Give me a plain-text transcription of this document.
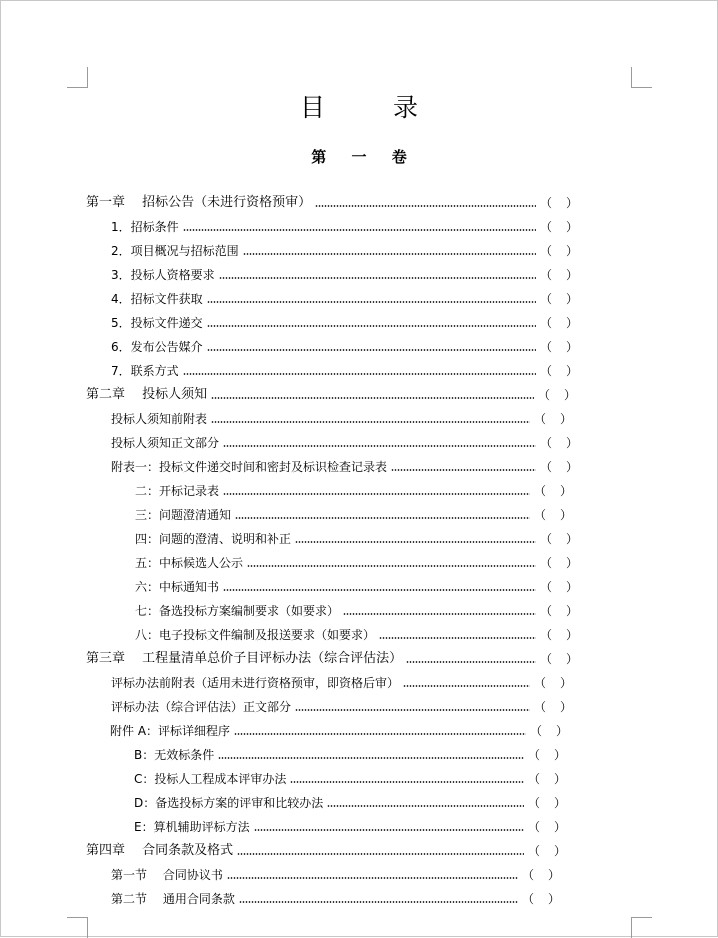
目 录
第 一 卷
第一章　 招标公告（未进行资格预审）	（ ）
1．招标条件	（ ）
2．项目概况与招标范围	（ ）
3．投标人资格要求	（ ）
4．招标文件获取	（ ）
5．投标文件递交	（ ）
6．发布公告媒介	（ ）
7．联系方式	（ ）
第二章　 投标人须知	（ ）
投标人须知前附表	（ ）
投标人须知正文部分	（ ）
附表一：投标文件递交时间和密封及标识检查记录表	（ ）
二：开标记录表	（ ）
三：问题澄清通知	（ ）
四：问题的澄清、说明和补正	（ ）
五：中标候选人公示	（ ）
六：中标通知书	（ ）
七：备选投标方案编制要求（如要求）	（ ）
八：电子投标文件编制及报送要求（如要求）	（ ）
第三章　 工程量清单总价子目评标办法（综合评估法）	（ ）
评标办法前附表（适用未进行资格预审，即资格后审）	（ ）
评标办法（综合评估法）正文部分	（ ）
附件 A：评标详细程序	（ ）
B：无效标条件	（ ）
C：投标人工程成本评审办法	（ ）
D：备选投标方案的评审和比较办法	（ ）
E：算机辅助评标方法	（ ）
第四章　 合同条款及格式	（ ）
第一节　 合同协议书	（ ）
第二节　 通用合同条款	（ ）
